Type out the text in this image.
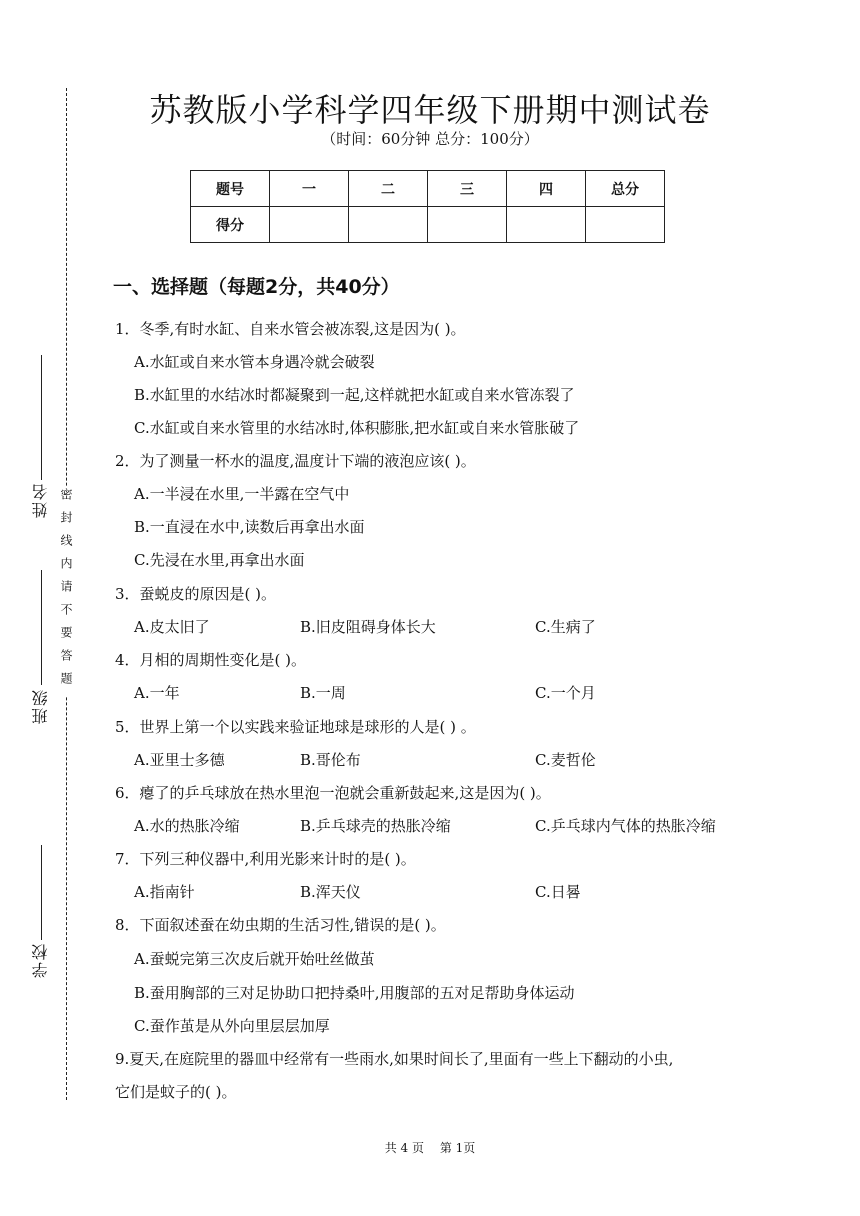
姓名
班级
学校
密封线内请不要答题
苏教版小学科学四年级下册期中测试卷
（时间：60分钟 总分：100分）
题号	一	二	三	四	总分
得分					
一、选择题（每题2分，共40分）
1．冬季,有时水缸、自来水管会被冻裂,这是因为( )。
A.水缸或自来水管本身遇冷就会破裂
B.水缸里的水结冰时都凝聚到一起,这样就把水缸或自来水管冻裂了
C.水缸或自来水管里的水结冰时,体积膨胀,把水缸或自来水管胀破了
2．为了测量一杯水的温度,温度计下端的液泡应该( )。
A.一半浸在水里,一半露在空气中
B.一直浸在水中,读数后再拿出水面
C.先浸在水里,再拿出水面
3．蚕蜕皮的原因是( )。
A.皮太旧了	B.旧皮阻碍身体长大	C.生病了
4．月相的周期性变化是( )。
A.一年	B.一周	C.一个月
5．世界上第一个以实践来验证地球是球形的人是( ) 。
A.亚里士多德	B.哥伦布	C.麦哲伦
6．瘪了的乒乓球放在热水里泡一泡就会重新鼓起来,这是因为( )。
A.水的热胀冷缩	B.乒乓球壳的热胀冷缩	C.乒乓球内气体的热胀冷缩
7．下列三种仪器中,利用光影来计时的是( )。
A.指南针	B.浑天仪	C.日晷
8．下面叙述蚕在幼虫期的生活习性,错误的是( )。
A.蚕蜕完第三次皮后就开始吐丝做茧
B.蚕用胸部的三对足协助口把持桑叶,用腹部的五对足帮助身体运动
C.蚕作茧是从外向里层层加厚
9.夏天,在庭院里的器皿中经常有一些雨水,如果时间长了,里面有一些上下翻动的小虫,
它们是蚊子的( )。
共 4 页 第 1页
